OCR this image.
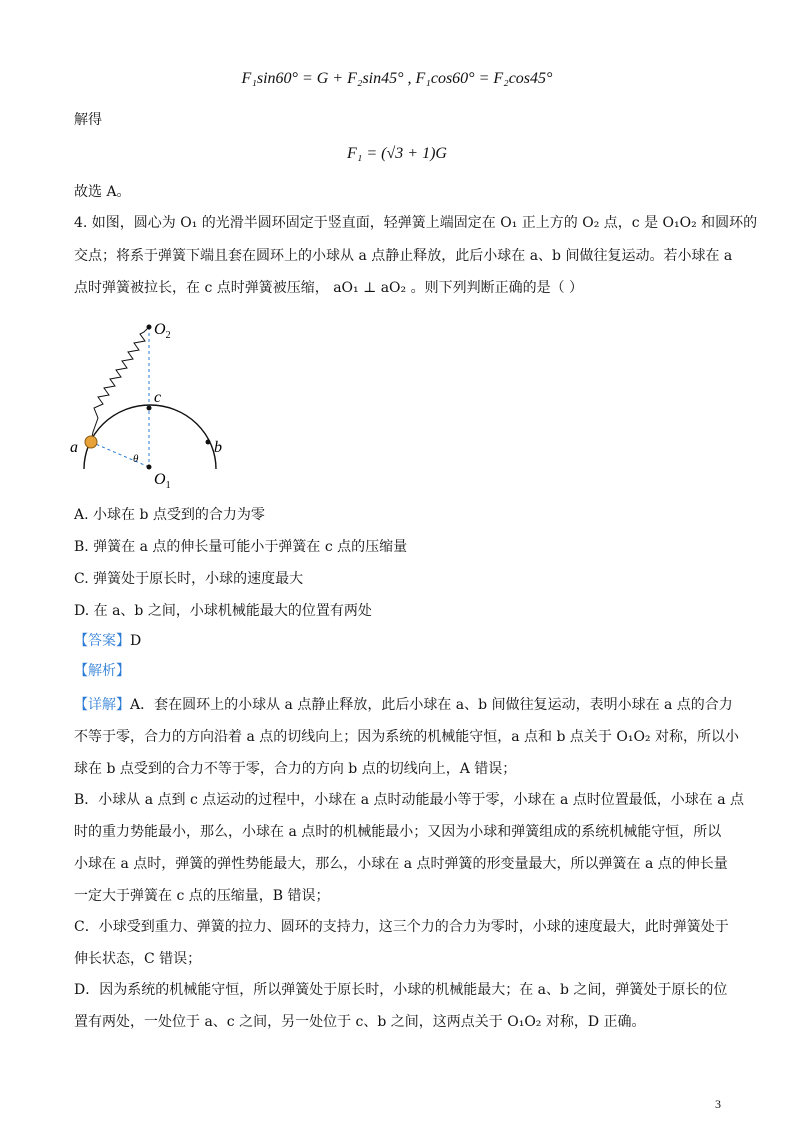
F₁sin60° = G + F₂sin45° , F₁cos60° = F₂cos45°
解得
F₁ = (√3 + 1)G
故选 A。
4. 如图，圆心为 O₁ 的光滑半圆环固定于竖直面，轻弹簧上端固定在 O₁ 正上方的 O₂ 点，c 是 O₁O₂ 和圆环的
交点；将系于弹簧下端且套在圆环上的小球从 a 点静止释放，此后小球在 a、b 间做往复运动。若小球在 a
点时弹簧被拉长，在 c 点时弹簧被压缩， aO₁ ⊥ aO₂ 。则下列判断正确的是（ ）
$O_2$
c
a	b
θ
$O_1$
A. 小球在 b 点受到的合力为零
B. 弹簧在 a 点的伸长量可能小于弹簧在 c 点的压缩量
C. 弹簧处于原长时，小球的速度最大
D. 在 a、b 之间，小球机械能最大的位置有两处
【答案】D
【解析】
【详解】A．套在圆环上的小球从 a 点静止释放，此后小球在 a、b 间做往复运动，表明小球在 a 点的合力
不等于零，合力的方向沿着 a 点的切线向上；因为系统的机械能守恒，a 点和 b 点关于 O₁O₂ 对称，所以小
球在 b 点受到的合力不等于零，合力的方向 b 点的切线向上，A 错误；
B．小球从 a 点到 c 点运动的过程中，小球在 a 点时动能最小等于零，小球在 a 点时位置最低，小球在 a 点
时的重力势能最小，那么，小球在 a 点时的机械能最小；又因为小球和弹簧组成的系统机械能守恒，所以
小球在 a 点时，弹簧的弹性势能最大，那么，小球在 a 点时弹簧的形变量最大，所以弹簧在 a 点的伸长量
一定大于弹簧在 c 点的压缩量，B 错误；
C．小球受到重力、弹簧的拉力、圆环的支持力，这三个力的合力为零时，小球的速度最大，此时弹簧处于
伸长状态，C 错误；
D．因为系统的机械能守恒，所以弹簧处于原长时，小球的机械能最大；在 a、b 之间，弹簧处于原长的位
置有两处，一处位于 a、c 之间，另一处位于 c、b 之间，这两点关于 O₁O₂ 对称，D 正确。
3
